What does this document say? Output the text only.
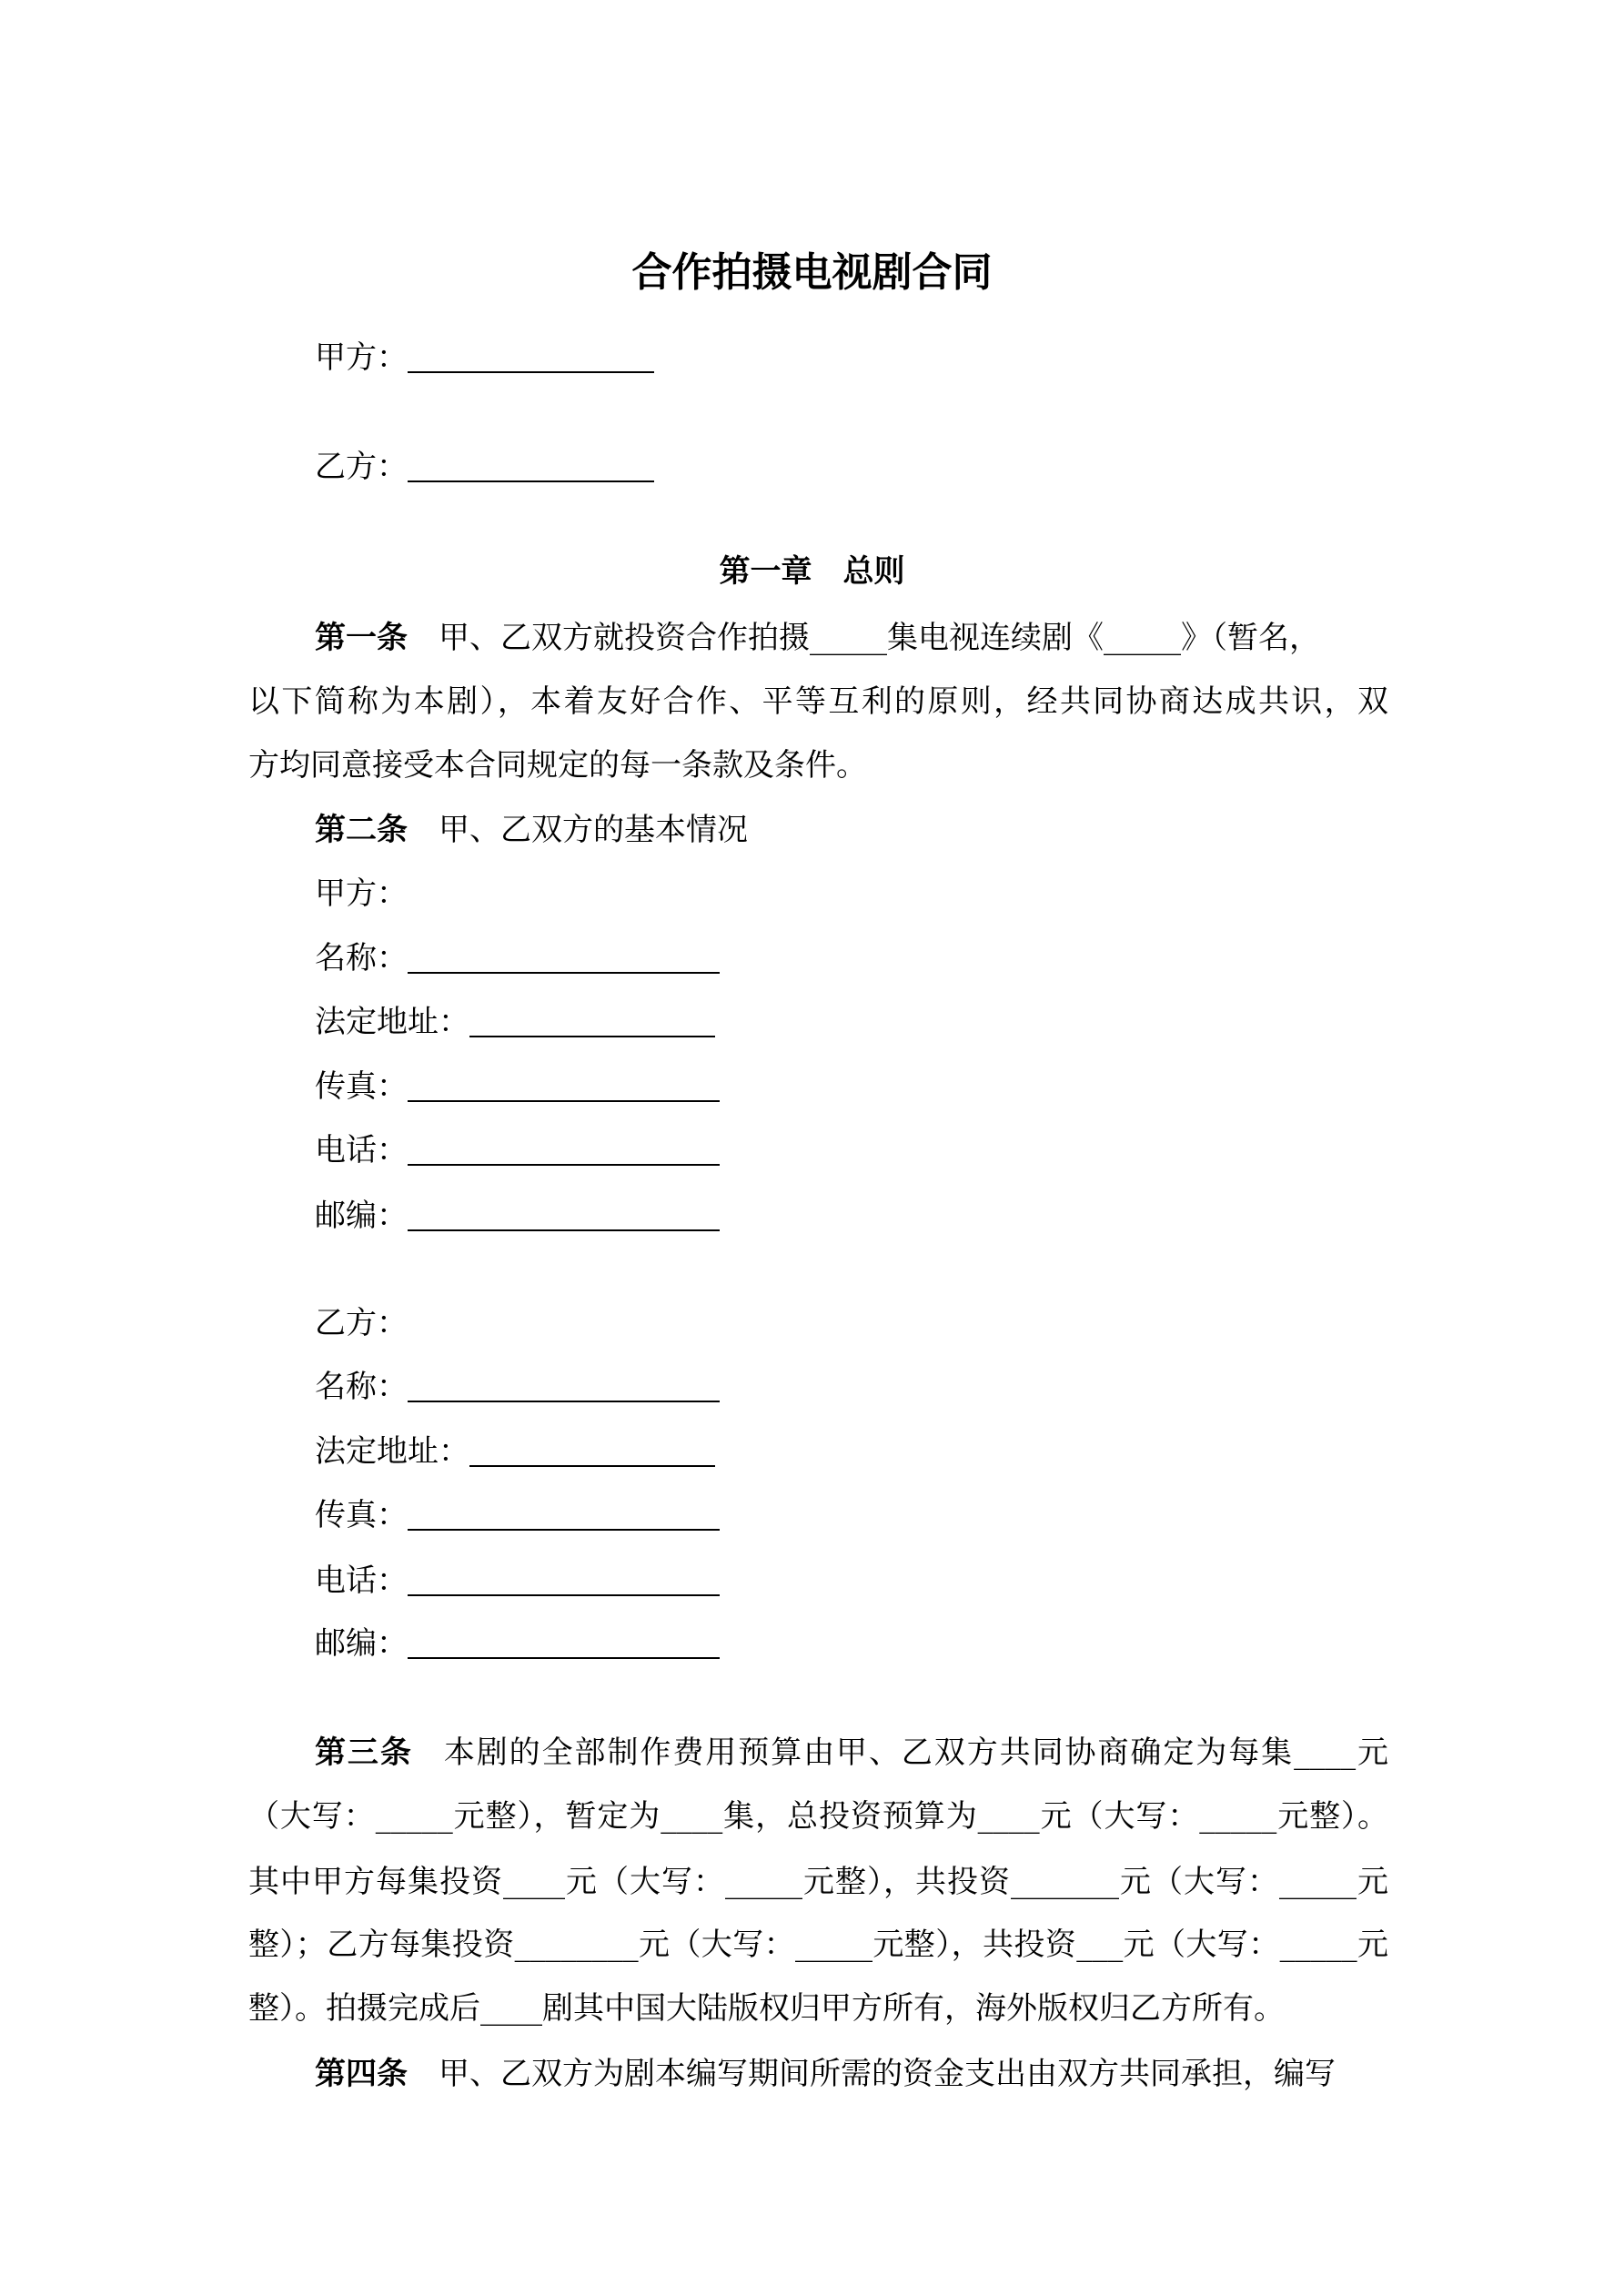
合作拍摄电视剧合同
甲方：
乙方：
第一章　总则
第一条 甲、乙双方就投资合作拍摄_____集电视连续剧《_____》（暂名，
以下简称为本剧），本着友好合作、平等互利的原则，经共同协商达成共识，双
方均同意接受本合同规定的每一条款及条件。
第二条 甲、乙双方的基本情况
甲方：
名称：
法定地址：
传真：
电话：
邮编：
乙方：
名称：
法定地址：
传真：
电话：
邮编：
第三条 本剧的全部制作费用预算由甲、乙双方共同协商确定为每集____元
（大写：_____元整），暂定为____集，总投资预算为____元（大写：_____元整）。
其中甲方每集投资____元（大写：_____元整），共投资_______元（大写：_____元
整）；乙方每集投资________元（大写：_____元整），共投资___元（大写：_____元
整）。拍摄完成后____剧其中国大陆版权归甲方所有，海外版权归乙方所有。
第四条 甲、乙双方为剧本编写期间所需的资金支出由双方共同承担，编写
